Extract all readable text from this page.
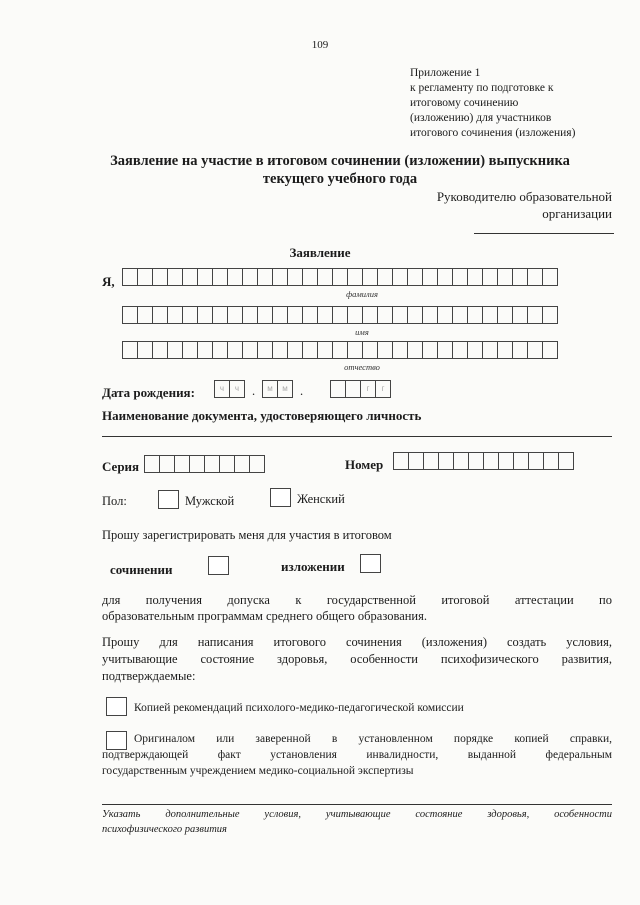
109
Приложение 1
к регламенту по подготовке к
итоговому сочинению
(изложению) для участников
итогового сочинения (изложения)
Заявление на участие в итоговом сочинении (изложении) выпускника
текущего учебного года
Руководителю образовательной
организации
Заявление
Я,
фамилия
имя
отчество
Дата рождения:	ч	ч	.	м	м .	г	г
Наименование документа, удостоверяющего личность
Серия	Номер
Пол:	Мужской	Женский
Прошу зарегистрировать меня для участия в итоговом
сочинении	изложении
для получения допуска к государственной итоговой аттестации по
образовательным программам среднего общего образования.
Прошу для написания итогового сочинения (изложения) создать условия,
учитывающие состояние здоровья, особенности психофизического развития,
подтверждаемые:
Копией рекомендаций психолого-медико-педагогической комиссии
Оригиналом или заверенной в установленном порядке копией справки,
подтверждающей факт установления инвалидности, выданной федеральным
государственным учреждением медико-социальной экспертизы
Указать дополнительные условия, учитывающие состояние здоровья, особенности
психофизического развития
